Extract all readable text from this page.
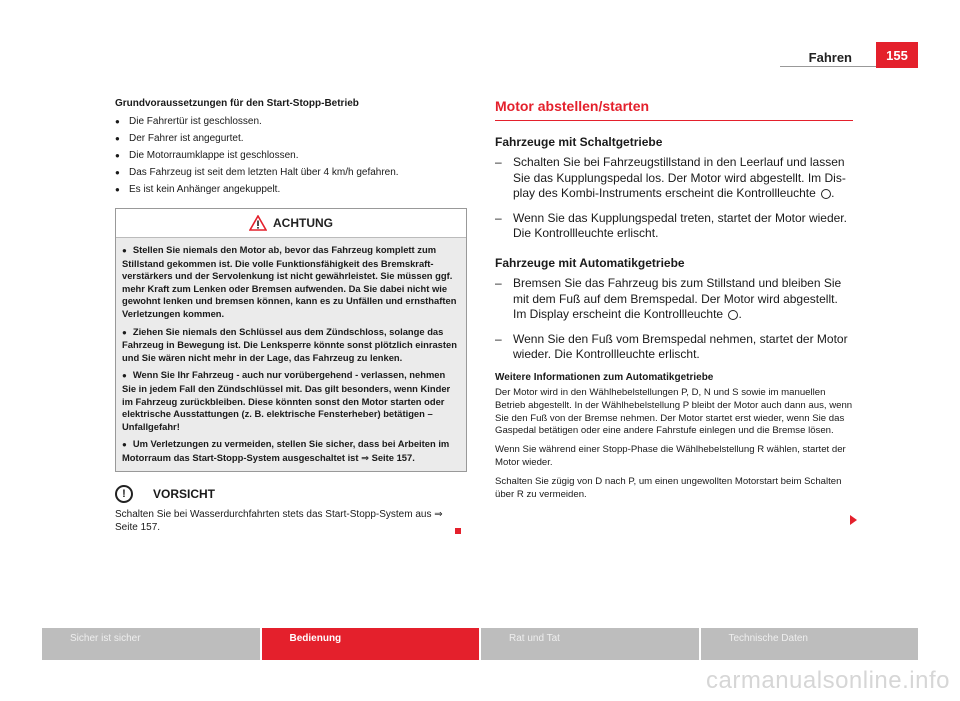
Fahren	155

Grundvoraussetzungen für den Start-Stopp-Betrieb

● Die Fahrertür ist geschlossen.
● Der Fahrer ist angegurtet.
● Die Motorraumklappe ist geschlossen.
● Das Fahrzeug ist seit dem letzten Halt über 4 km/h gefahren.
● Es ist kein Anhänger angekuppelt.
ACHTUNG

● Stellen Sie niemals den Motor ab, bevor das Fahrzeug komplett zum Stillstand gekommen ist. Die volle Funktionsfähigkeit des Bremskraftverstärkers und der Servolenkung ist nicht gewährleistet. Sie müssen ggf. mehr Kraft zum Lenken oder Bremsen aufwenden. Da Sie dabei nicht wie gewohnt lenken und bremsen können, kann es zu Unfällen und ernsthaften Verletzungen kommen.

● Ziehen Sie niemals den Schlüssel aus dem Zündschloss, solange das Fahrzeug in Bewegung ist. Die Lenksperre könnte sonst plötzlich einrasten und Sie wären nicht mehr in der Lage, das Fahrzeug zu lenken.

● Wenn Sie Ihr Fahrzeug - auch nur vorübergehend - verlassen, nehmen Sie in jedem Fall den Zündschlüssel mit. Das gilt besonders, wenn Kinder im Fahrzeug zurückbleiben. Diese könnten sonst den Motor starten oder elektrische Ausstattungen (z. B. elektrische Fensterheber) betätigen – Unfallgefahr!

● Um Verletzungen zu vermeiden, stellen Sie sicher, dass bei Arbeiten im Motorraum das Start-Stopp-System ausgeschaltet ist ⇒ Seite 157.

!	VORSICHT

Schalten Sie bei Wasserdurchfahrten stets das Start-Stopp-System aus ⇒ Seite 157.

Motor abstellen/starten

Fahrzeuge mit Schaltgetriebe

– Schalten Sie bei Fahrzeugstillstand in den Leerlauf und lassen Sie das Kupplungspedal los. Der Motor wird abgestellt. Im Display des Kombi-Instruments erscheint die Kontrollleuchte .
– Wenn Sie das Kupplungspedal treten, startet der Motor wieder. Die Kontrollleuchte erlischt.

Fahrzeuge mit Automatikgetriebe

– Bremsen Sie das Fahrzeug bis zum Stillstand und bleiben Sie mit dem Fuß auf dem Bremspedal. Der Motor wird abgestellt. Im Display erscheint die Kontrollleuchte .
– Wenn Sie den Fuß vom Bremspedal nehmen, startet der Motor wieder. Die Kontrollleuchte erlischt.

Weitere Informationen zum Automatikgetriebe

Der Motor wird in den Wählhebelstellungen P, D, N und S sowie im manuellen Betrieb abgestellt. In der Wählhebelstellung P bleibt der Motor auch dann aus, wenn Sie den Fuß von der Bremse nehmen. Der Motor startet erst wieder, wenn Sie das Gaspedal betätigen oder eine andere Fahrstufe einlegen und die Bremse lösen.

Wenn Sie während einer Stopp-Phase die Wählhebelstellung R wählen, startet der Motor wieder.

Schalten Sie zügig von D nach P, um einen ungewollten Motorstart beim Schalten über R zu vermeiden.

Sicher ist sicher	Bedienung	Rat und Tat	Technische Daten
carmanualsonline.info
